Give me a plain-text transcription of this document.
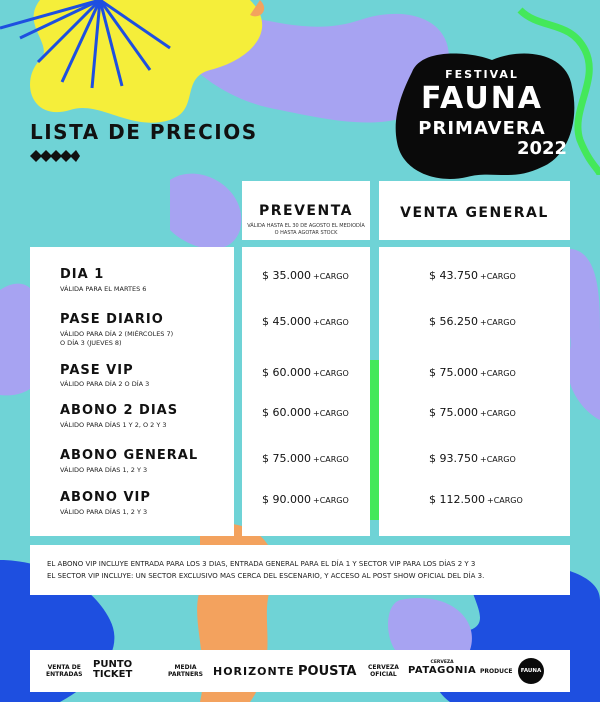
LISTA DE PRECIOS
FESTIVAL
FAUNA
PRIMAVERA
2022
PREVENTA
VÁLIDA HASTA EL 30 DE AGOSTO EL MEDIODÍA
O HASTA AGOTAR STOCK
VENTA GENERAL
DIA 1
VÁLIDA PARA EL MARTES 6
PASE DIARIO
VÁLIDO PARA DÍA 2 (MIÉRCOLES 7)
O DÍA 3 (JUEVES 8)
PASE VIP
VÁLIDO PARA DÍA 2 O DÍA 3
ABONO 2 DIAS
VÁLIDO PARA DÍAS 1 Y 2, O 2 Y 3
ABONO GENERAL
VÁLIDO PARA DÍAS 1, 2 Y 3
ABONO VIP
VÁLIDO PARA DÍAS 1, 2 Y 3
$ 35.000 +CARGO
$ 45.000 +CARGO
$ 60.000 +CARGO
$ 60.000 +CARGO
$ 75.000 +CARGO
$ 90.000 +CARGO
$ 43.750 +CARGO
$ 56.250 +CARGO
$ 75.000 +CARGO
$ 75.000 +CARGO
$ 93.750 +CARGO
$ 112.500 +CARGO
EL ABONO VIP INCLUYE ENTRADA PARA LOS 3 DIAS, ENTRADA GENERAL PARA EL DÍA 1 Y SECTOR VIP PARA LOS DÍAS 2 Y 3
EL SECTOR VIP INCLUYE: UN SECTOR EXCLUSIVO MAS CERCA DEL ESCENARIO, Y ACCESO AL POST SHOW OFICIAL DEL DÍA 3.
VENTA DE
ENTRADAS
PUNTO
TICKET
MEDIA
PARTNERS HORIZONTE POUSTA CERVEZA
OFICIAL
CERVEZA
PATAGONIA PRODUCE	FAUNA
